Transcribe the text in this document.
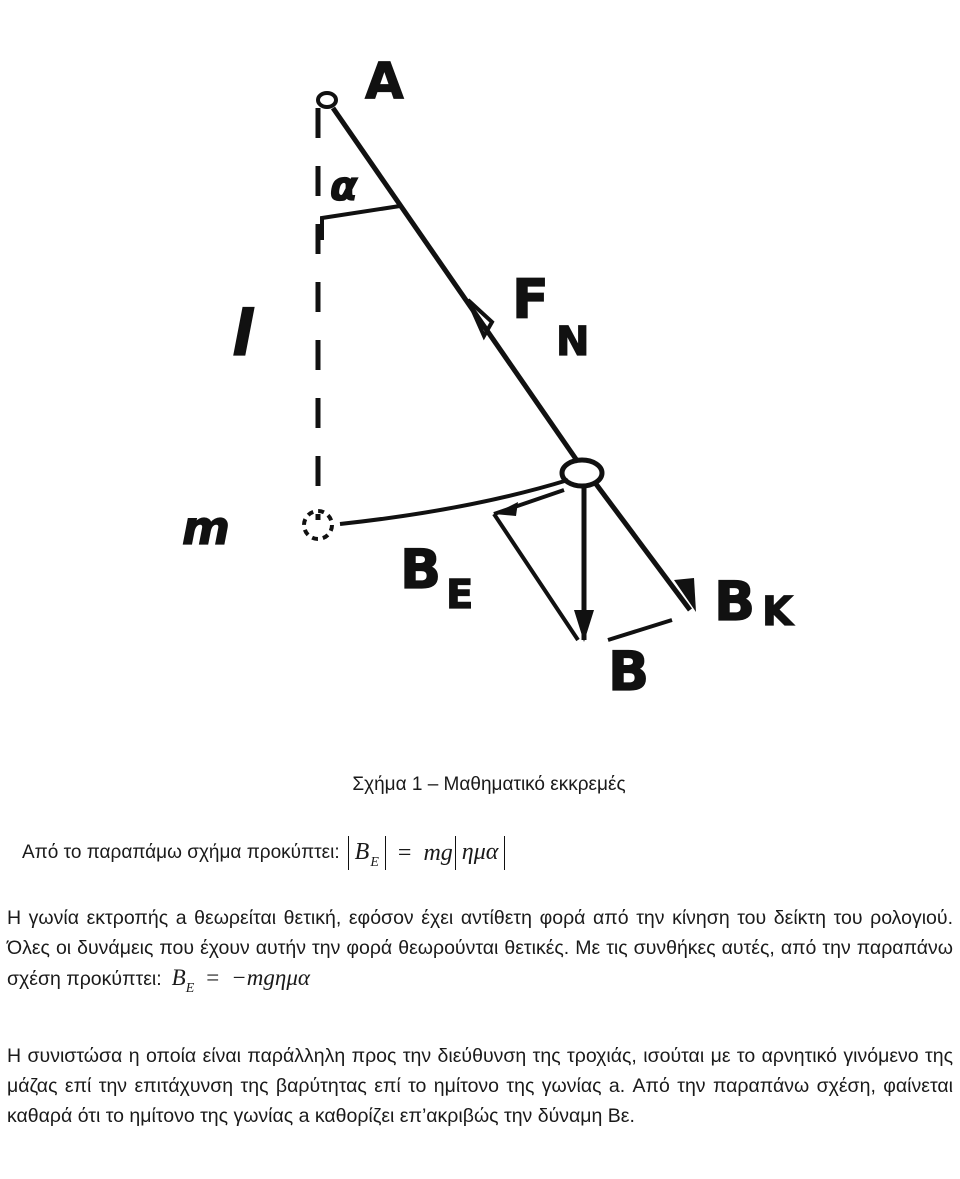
A
α
l	F
N
m
B E	B K
B
Σχήμα 1 – Μαθηματικό εκκρεμές
Από το παραπάμω σχήμα προκύπτει: $B_E$ = mg ημα
Η γωνία εκτροπής a θεωρείται θετική, εφόσον έχει αντίθετη φορά από την κίνηση του δείκτη του ρολογιού. Όλες οι δυνάμεις που έχουν αυτήν την φορά θεωρούνται θετικές. Με τις συνθήκες αυτές, από την παραπάνω σχέση προκύπτει: $B_E = -mg\eta\mu\alpha$
Η συνιστώσα η οποία είναι παράλληλη προς την διεύθυνση της τροχιάς, ισούται με το αρνητικό γινόμενο της μάζας επί την επιτάχυνση της βαρύτητας επί το ημίτονο της γωνίας a. Από την παραπάνω σχέση, φαίνεται καθαρά ότι το ημίτονο της γωνίας a καθορίζει επ’ακριβώς την δύναμη Βε.
